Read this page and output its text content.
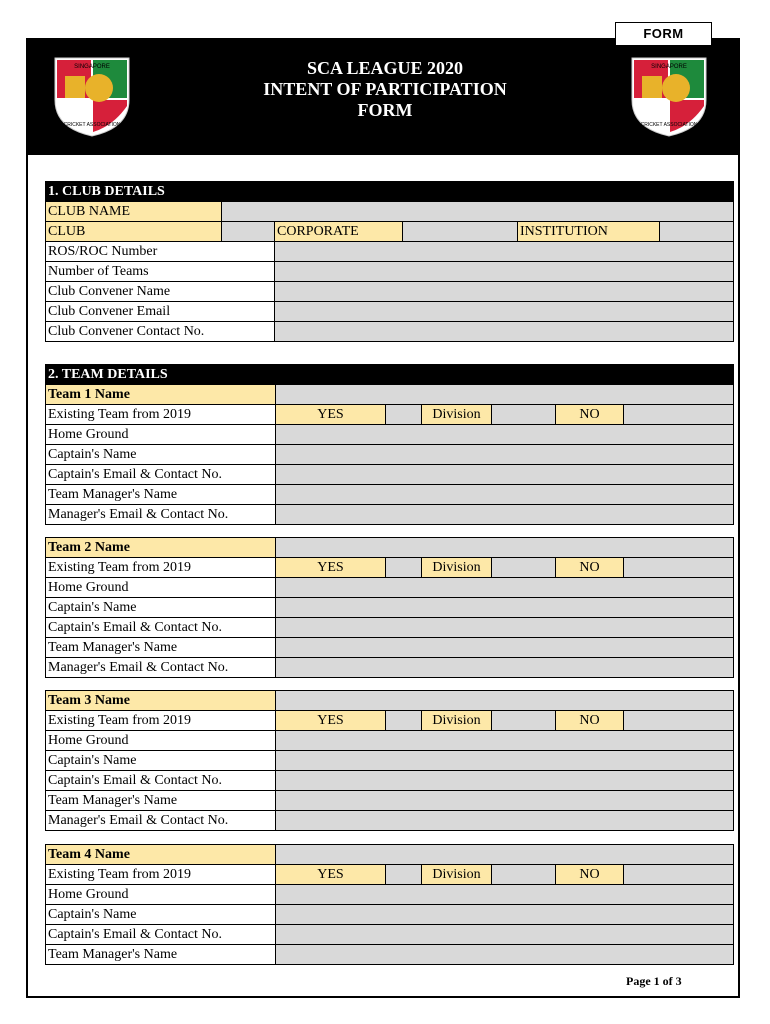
FORM
SINGAPORE
CRICKET ASSOCIATION
SINGAPORE
CRICKET ASSOCIATION
SCA LEAGUE 2020
INTENT OF PARTICIPATION
FORM
1. CLUB DETAILS					
CLUB NAME					
CLUB		CORPORATE		INSTITUTION	
ROS/ROC Number					
Number of Teams					
Club Convener Name					
Club Convener Email					
Club Convener Contact No.					
2. TEAM DETAILS						
Team 1 Name						
Existing Team from 2019	YES		Division		NO	
Home Ground						
Captain's Name						
Captain's Email & Contact No.						
Team Manager's Name						
Manager's Email & Contact No.						
Team 2 Name						
Existing Team from 2019	YES		Division		NO	
Home Ground						
Captain's Name						
Captain's Email & Contact No.						
Team Manager's Name						
Manager's Email & Contact No.						
Team 3 Name						
Existing Team from 2019	YES		Division		NO	
Home Ground						
Captain's Name						
Captain's Email & Contact No.						
Team Manager's Name						
Manager's Email & Contact No.						
Team 4 Name						
Existing Team from 2019	YES		Division		NO	
Home Ground						
Captain's Name						
Captain's Email & Contact No.						
Team Manager's Name						
Page 1 of 3
